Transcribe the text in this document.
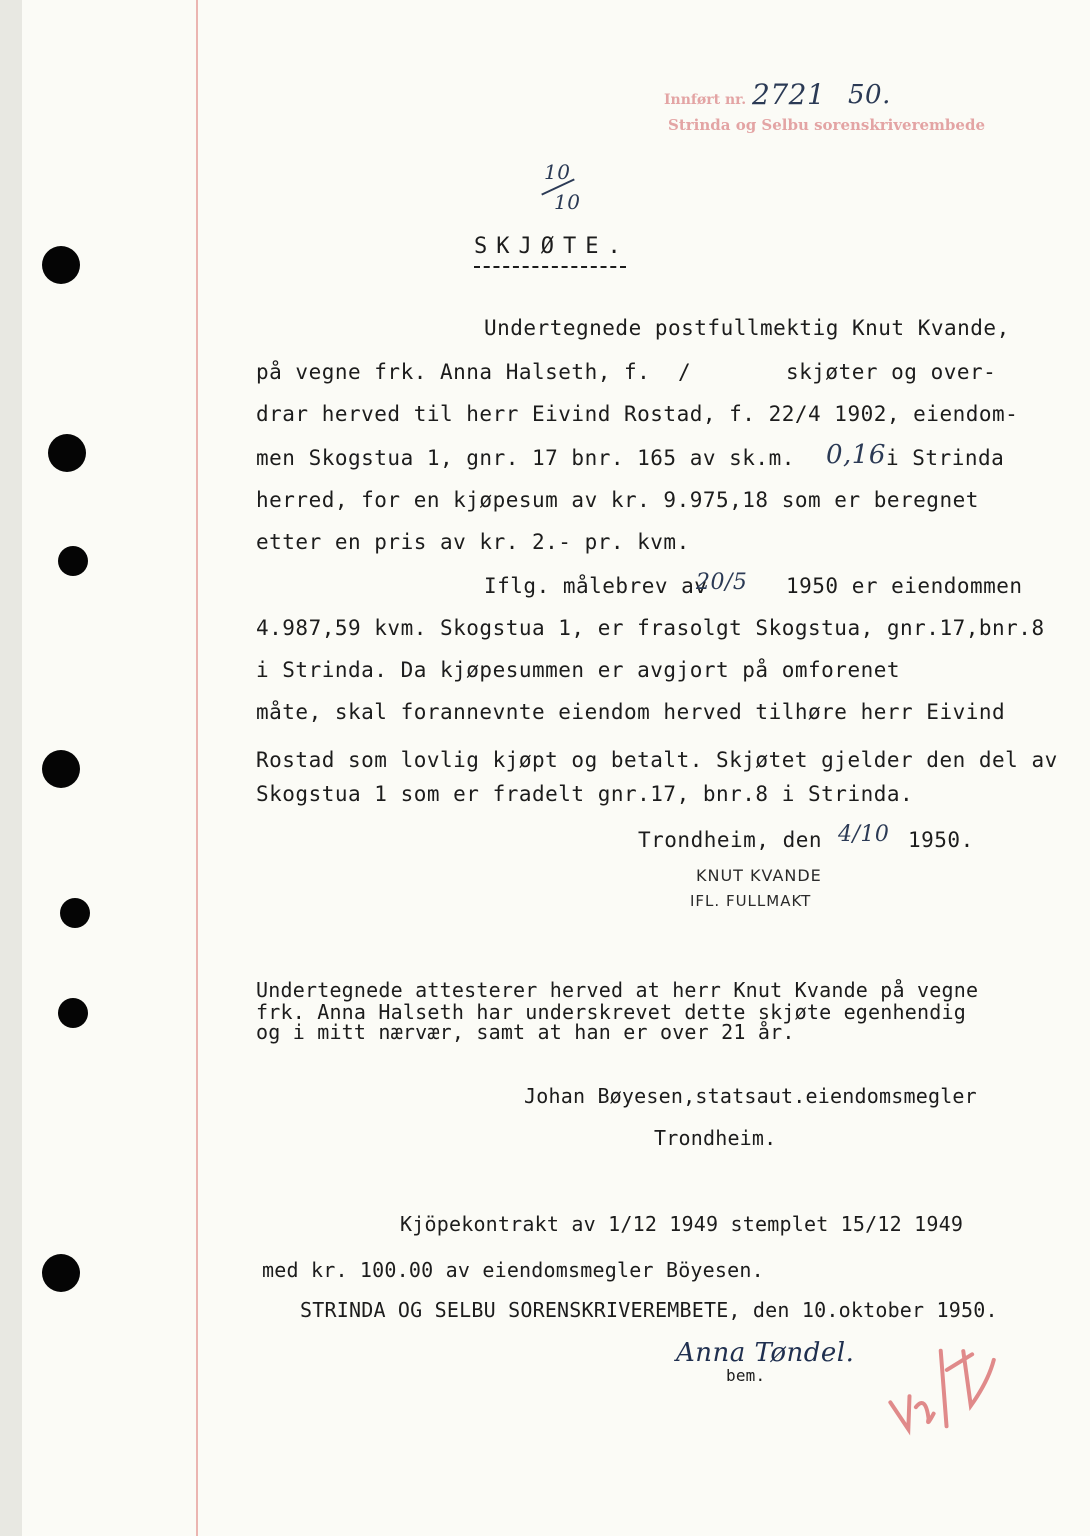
Innført nr. 2721 50.
Strinda og Selbu sorenskriverembede
10
10
SKJØTE.
Undertegnede postfullmektig Knut Kvande,
på vegne frk. Anna Halseth, f. /	skjøter og over-
drar herved til herr Eivind Rostad, f. 22/4 1902, eiendom-
men Skogstua 1, gnr. 17 bnr. 165 av sk.m. 0,16 i Strinda
herred, for en kjøpesum av kr. 9.975,18 som er beregnet
etter en pris av kr. 2.- pr. kvm.
Iflg. målebrev av
20/5 1950 er eiendommen
4.987,59 kvm. Skogstua 1, er frasolgt Skogstua, gnr.17,bnr.8
i Strinda. Da kjøpesummen er avgjort på omforenet
måte, skal forannevnte eiendom herved tilhøre herr Eivind
Rostad som lovlig kjøpt og betalt. Skjøtet gjelder den del av
Skogstua 1 som er fradelt gnr.17, bnr.8 i Strinda.
Trondheim, den 4/10 1950.
KNUT KVANDE
IFL. FULLMAKT
Undertegnede attesterer herved at herr Knut Kvande på vegne
frk. Anna Halseth har underskrevet dette skjøte egenhendig
og i mitt nærvær, samt at han er over 21 år.
Johan Bøyesen,statsaut.eiendomsmegler
Trondheim.
Kjöpekontrakt av 1/12 1949 stemplet 15/12 1949
med kr. 100.00 av eiendomsmegler Böyesen.
STRINDA OG SELBU SORENSKRIVEREMBETE, den 10.oktober 1950.
Anna Tøndel.
bem.
